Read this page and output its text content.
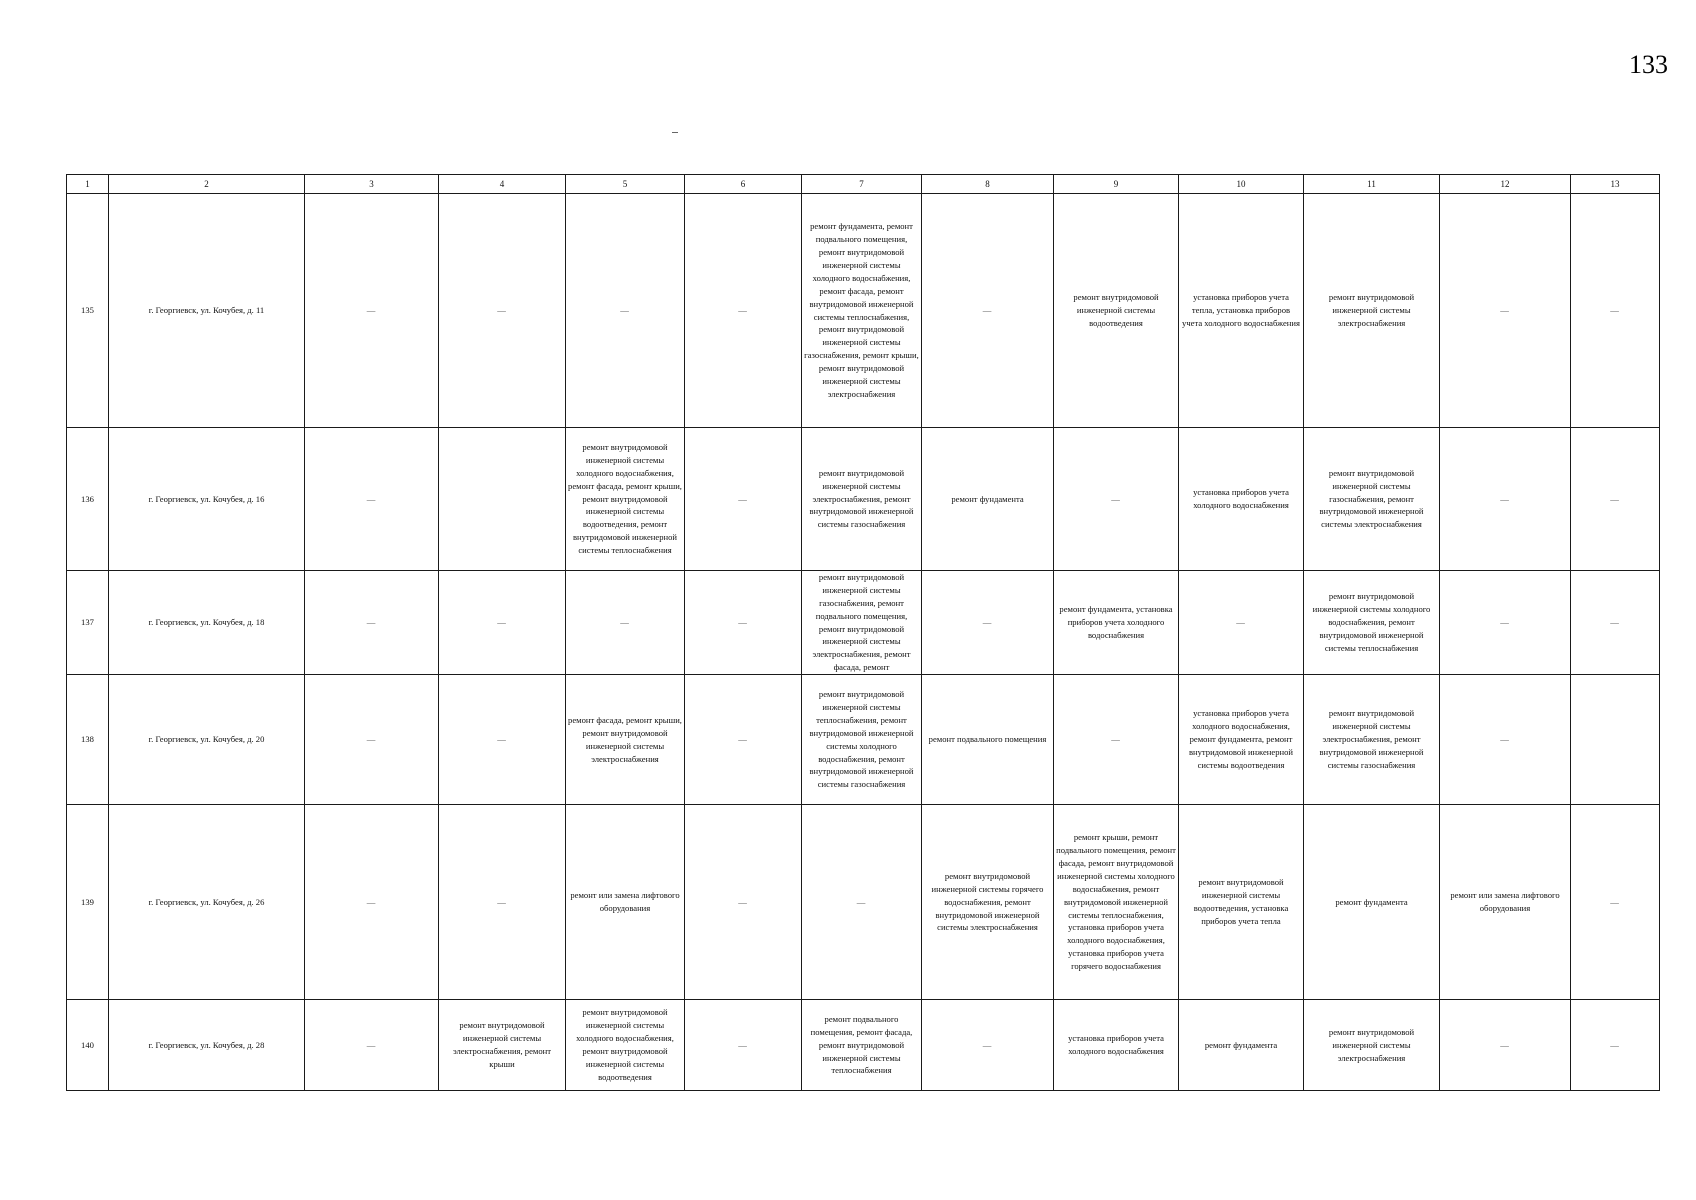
133
1	2	3	4	5	6	7	8	9	10	11	12	13
135	г. Георгиевск, ул. Кочубея, д. 11	—	—	—	—	ремонт фундамента, ремонт подвального помещения, ремонт внутридомовой инженерной системы холодного водоснабжения, ремонт фасада, ремонт внутридомовой инженерной системы теплоснабжения, ремонт внутридомовой инженерной системы газоснабжения, ремонт крыши, ремонт внутридомовой инженерной системы электроснабжения	—	ремонт внутридомовой инженерной системы водоотведения	установка приборов учета тепла, установка приборов учета холодного водоснабжения	ремонт внутридомовой инженерной системы электроснабжения	—	—
136	г. Георгиевск, ул. Кочубея, д. 16	—		ремонт внутридомовой инженерной системы холодного водоснабжения, ремонт фасада, ремонт крыши, ремонт внутридомовой инженерной системы водоотведения, ремонт внутридомовой инженерной системы теплоснабжения	—	ремонт внутридомовой инженерной системы электроснабжения, ремонт внутридомовой инженерной системы газоснабжения	ремонт фундамента	—	установка приборов учета холодного водоснабжения	ремонт внутридомовой инженерной системы газоснабжения, ремонт внутридомовой инженерной системы электроснабжения	—	—
137	г. Георгиевск, ул. Кочубея, д. 18	—	—	—	—	ремонт внутридомовой инженерной системы газоснабжения, ремонт подвального помещения, ремонт внутридомовой инженерной системы электроснабжения, ремонт фасада, ремонт	—	ремонт фундамента, установка приборов учета холодного водоснабжения	—	ремонт внутридомовой инженерной системы холодного водоснабжения, ремонт внутридомовой инженерной системы теплоснабжения	—	—
138	г. Георгиевск, ул. Кочубея, д. 20	—	—	ремонт фасада, ремонт крыши, ремонт внутридомовой инженерной системы электроснабжения	—	ремонт внутридомовой инженерной системы теплоснабжения, ремонт внутридомовой инженерной системы холодного водоснабжения, ремонт внутридомовой инженерной системы газоснабжения	ремонт подвального помещения	—	установка приборов учета холодного водоснабжения, ремонт фундамента, ремонт внутридомовой инженерной системы водоотведения	ремонт внутридомовой инженерной системы электроснабжения, ремонт внутридомовой инженерной системы газоснабжения	—	
139	г. Георгиевск, ул. Кочубея, д. 26	—	—	ремонт или замена лифтового оборудования	—	—	ремонт внутридомовой инженерной системы горячего водоснабжения, ремонт внутридомовой инженерной системы электроснабжения	ремонт крыши, ремонт подвального помещения, ремонт фасада, ремонт внутридомовой инженерной системы холодного водоснабжения, ремонт внутридомовой инженерной системы теплоснабжения, установка приборов учета холодного водоснабжения, установка приборов учета горячего водоснабжения	ремонт внутридомовой инженерной системы водоотведения, установка приборов учета тепла	ремонт фундамента	ремонт или замена лифтового оборудования	—
140	г. Георгиевск, ул. Кочубея, д. 28	—	ремонт внутридомовой инженерной системы электроснабжения, ремонт крыши	ремонт внутридомовой инженерной системы холодного водоснабжения, ремонт внутридомовой инженерной системы водоотведения	—	ремонт подвального помещения, ремонт фасада, ремонт внутридомовой инженерной системы теплоснабжения	—	установка приборов учета холодного водоснабжения	ремонт фундамента	ремонт внутридомовой инженерной системы электроснабжения	—	—
